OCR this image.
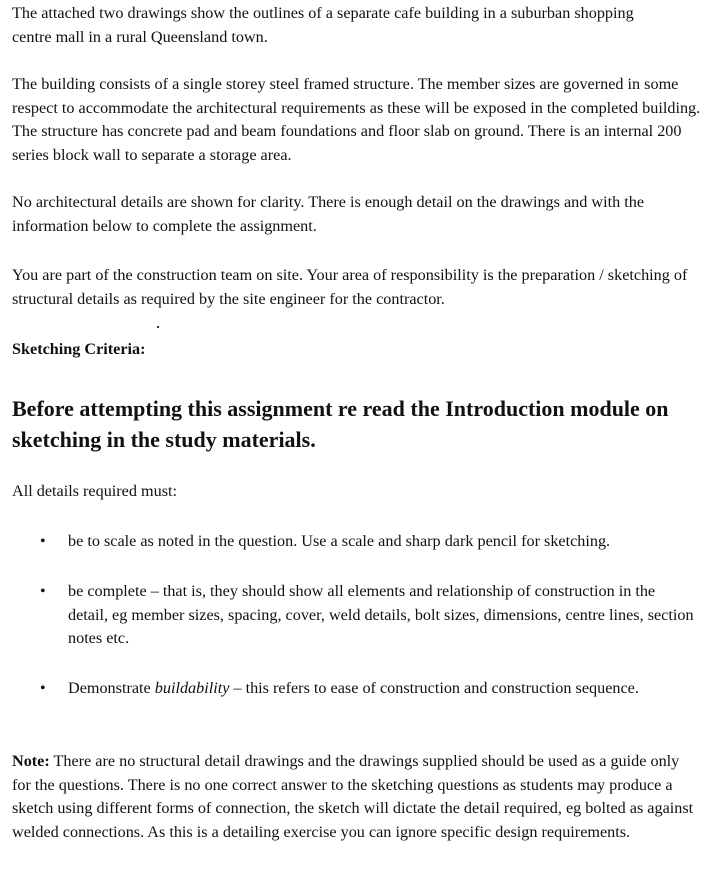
The attached two drawings show the outlines of a separate cafe building in a suburban shopping centre mall in a rural Queensland town.

The building consists of a single storey steel framed structure. The member sizes are governed in some respect to accommodate the architectural requirements as these will be exposed in the completed building. The structure has concrete pad and beam foundations and floor slab on ground. There is an internal 200 series block wall to separate a storage area.

No architectural details are shown for clarity. There is enough detail on the drawings and with the information below to complete the assignment.

You are part of the construction team on site. Your area of responsibility is the preparation / sketching of structural details as required by the site engineer for the contractor.

Sketching Criteria:

Before attempting this assignment re read the Introduction module on sketching in the study materials.

All details required must:

• be to scale as noted in the question. Use a scale and sharp dark pencil for sketching.
• be complete – that is, they should show all elements and relationship of construction in the detail, eg member sizes, spacing, cover, weld details, bolt sizes, dimensions, centre lines, section notes etc.
• Demonstrate buildability – this refers to ease of construction and construction sequence.

Note: There are no structural detail drawings and the drawings supplied should be used as a guide only for the questions. There is no one correct answer to the sketching questions as students may produce a sketch using different forms of connection, the sketch will dictate the detail required, eg bolted as against welded connections. As this is a detailing exercise you can ignore specific design requirements.
